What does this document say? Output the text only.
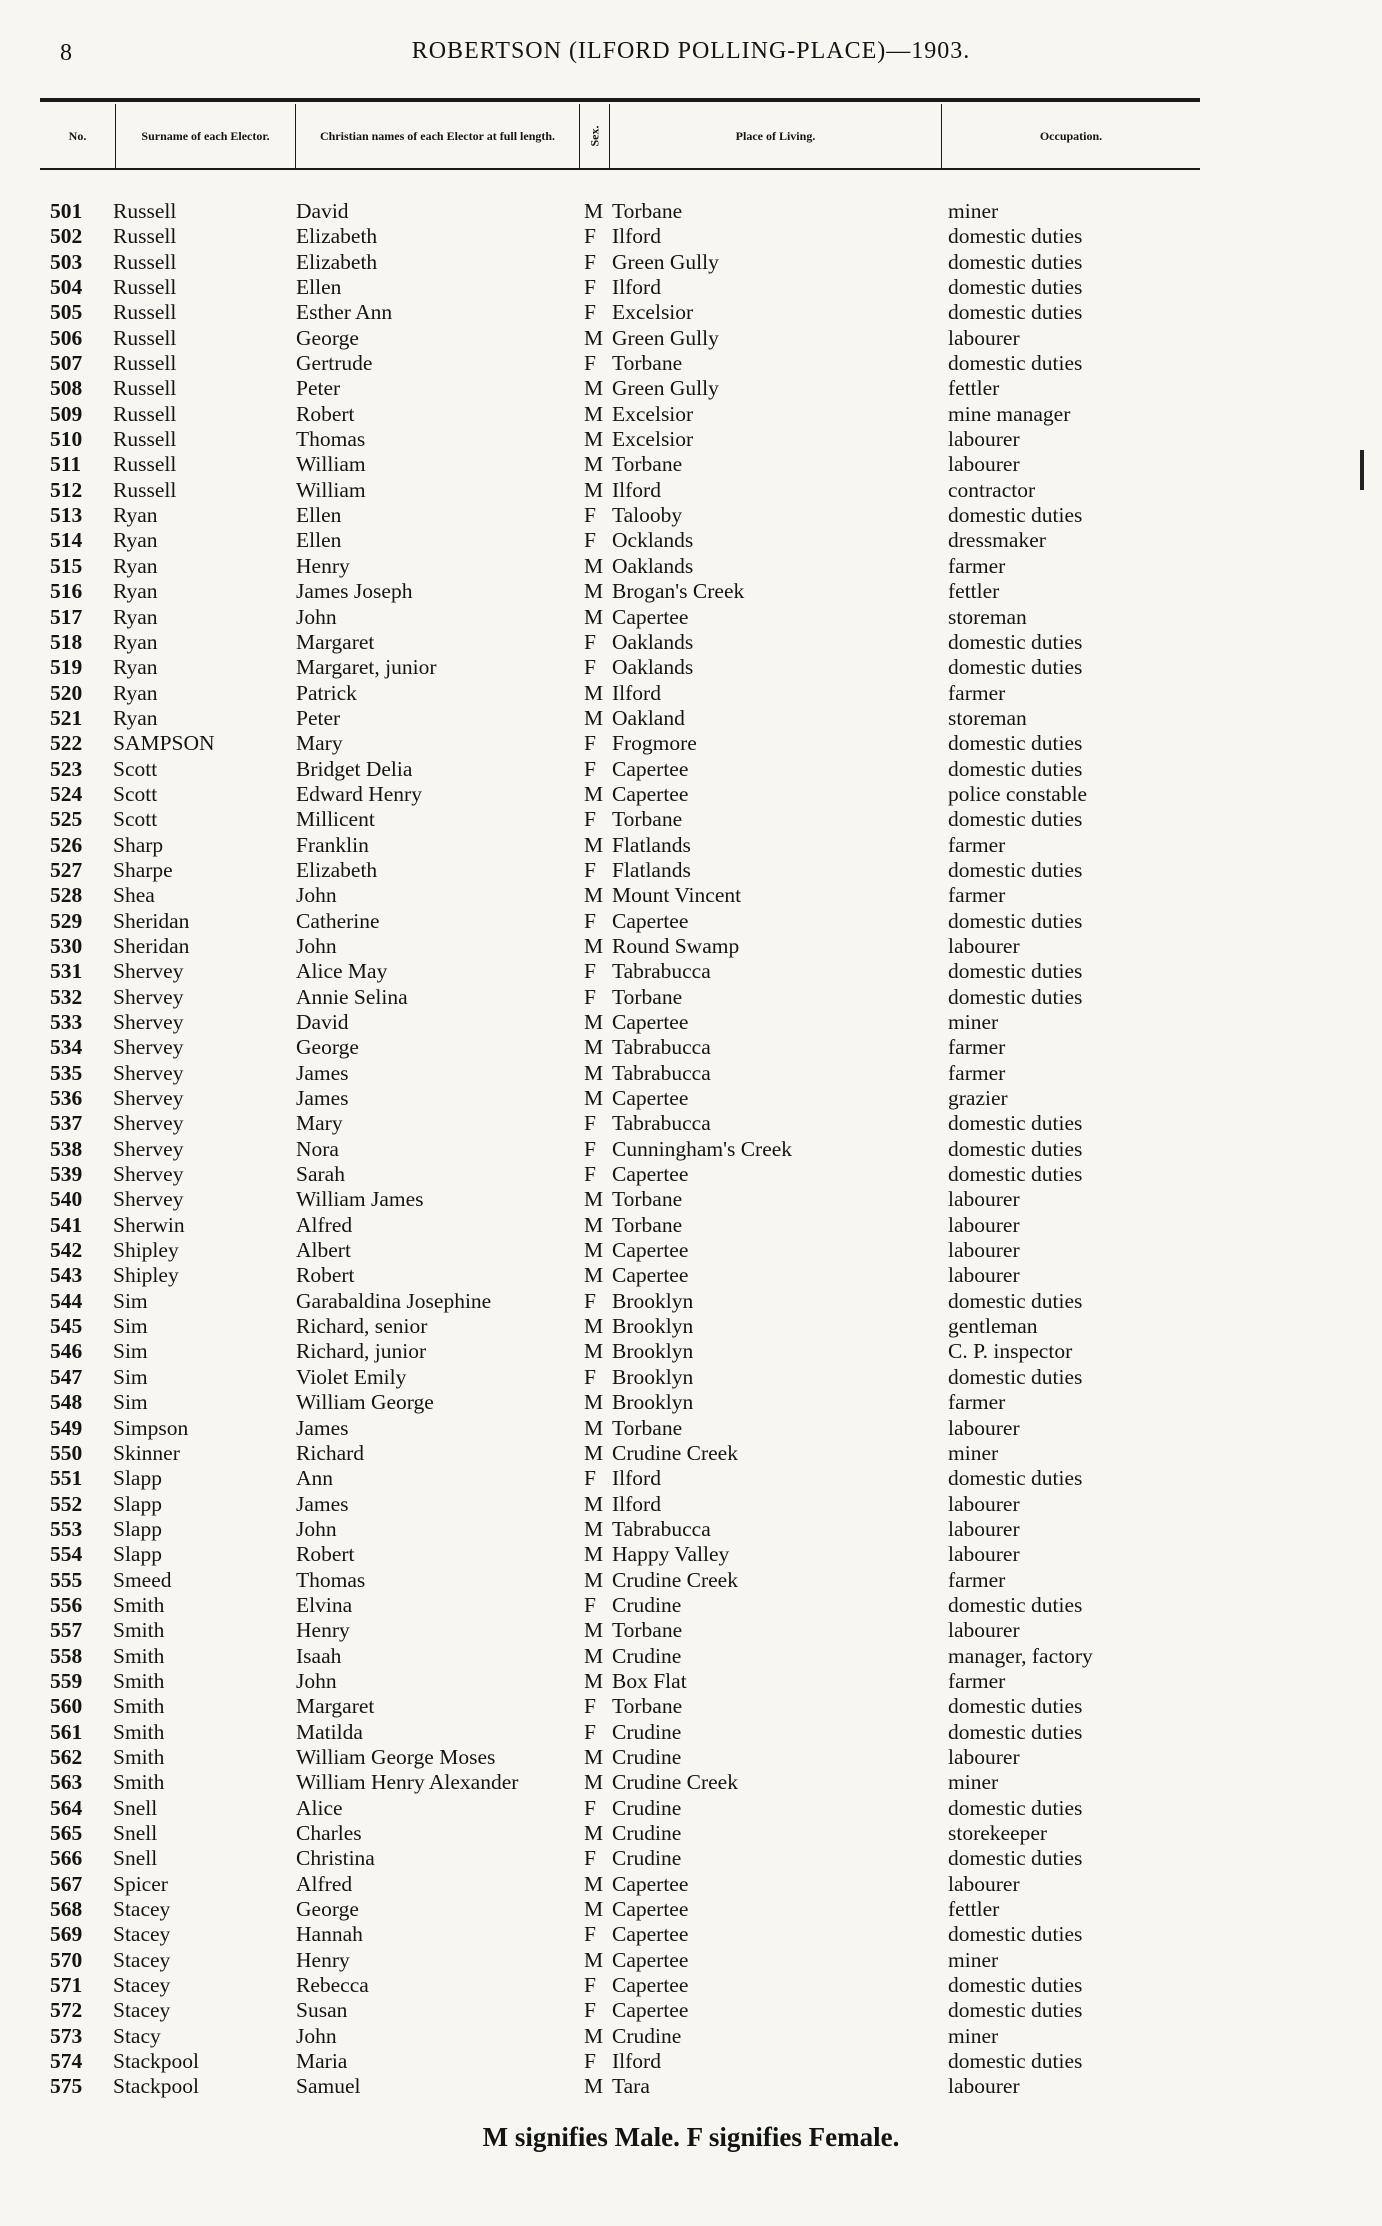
8	ROBERTSON (ILFORD POLLING-PLACE)—1903.
No.	Surname of each Elector.	Christian names of each Elector at full length.	Sex.	Place of Living.	Occupation.
501	Russell	David	M Torbane	miner
502	Russell	Elizabeth	F Ilford	domestic duties
503	Russell	Elizabeth	F Green Gully	domestic duties
504	Russell	Ellen	F Ilford	domestic duties
505	Russell	Esther Ann	F Excelsior	domestic duties
506	Russell	George	M Green Gully	labourer
507	Russell	Gertrude	F Torbane	domestic duties
508	Russell	Peter	M Green Gully	fettler
509	Russell	Robert	M Excelsior	mine manager
510	Russell	Thomas	M Excelsior	labourer
511	Russell	William	M Torbane	labourer
512	Russell	William	M Ilford	contractor
513	Ryan	Ellen	F Talooby	domestic duties
514	Ryan	Ellen	F Ocklands	dressmaker
515	Ryan	Henry	M Oaklands	farmer
516	Ryan	James Joseph	M Brogan's Creek	fettler
517	Ryan	John	M Capertee	storeman
518	Ryan	Margaret	F Oaklands	domestic duties
519	Ryan	Margaret, junior	F Oaklands	domestic duties
520	Ryan	Patrick	M Ilford	farmer
521	Ryan	Peter	M Oakland	storeman
522	SAMPSON	Mary	F Frogmore	domestic duties
523	Scott	Bridget Delia	F Capertee	domestic duties
524	Scott	Edward Henry	M Capertee	police constable
525	Scott	Millicent	F Torbane	domestic duties
526	Sharp	Franklin	M Flatlands	farmer
527	Sharpe	Elizabeth	F Flatlands	domestic duties
528	Shea	John	M Mount Vincent	farmer
529	Sheridan	Catherine	F Capertee	domestic duties
530	Sheridan	John	M Round Swamp	labourer
531	Shervey	Alice May	F Tabrabucca	domestic duties
532	Shervey	Annie Selina	F Torbane	domestic duties
533	Shervey	David	M Capertee	miner
534	Shervey	George	M Tabrabucca	farmer
535	Shervey	James	M Tabrabucca	farmer
536	Shervey	James	M Capertee	grazier
537	Shervey	Mary	F Tabrabucca	domestic duties
538	Shervey	Nora	F Cunningham's Creek	domestic duties
539	Shervey	Sarah	F Capertee	domestic duties
540	Shervey	William James	M Torbane	labourer
541	Sherwin	Alfred	M Torbane	labourer
542	Shipley	Albert	M Capertee	labourer
543	Shipley	Robert	M Capertee	labourer
544	Sim	Garabaldina Josephine	F Brooklyn	domestic duties
545	Sim	Richard, senior	M Brooklyn	gentleman
546	Sim	Richard, junior	M Brooklyn	C. P. inspector
547	Sim	Violet Emily	F Brooklyn	domestic duties
548	Sim	William George	M Brooklyn	farmer
549	Simpson	James	M Torbane	labourer
550	Skinner	Richard	M Crudine Creek	miner
551	Slapp	Ann	F Ilford	domestic duties
552	Slapp	James	M Ilford	labourer
553	Slapp	John	M Tabrabucca	labourer
554	Slapp	Robert	M Happy Valley	labourer
555	Smeed	Thomas	M Crudine Creek	farmer
556	Smith	Elvina	F Crudine	domestic duties
557	Smith	Henry	M Torbane	labourer
558	Smith	Isaah	M Crudine	manager, factory
559	Smith	John	M Box Flat	farmer
560	Smith	Margaret	F Torbane	domestic duties
561	Smith	Matilda	F Crudine	domestic duties
562	Smith	William George Moses	M Crudine	labourer
563	Smith	William Henry Alexander	M Crudine Creek	miner
564	Snell	Alice	F Crudine	domestic duties
565	Snell	Charles	M Crudine	storekeeper
566	Snell	Christina	F Crudine	domestic duties
567	Spicer	Alfred	M Capertee	labourer
568	Stacey	George	M Capertee	fettler
569	Stacey	Hannah	F Capertee	domestic duties
570	Stacey	Henry	M Capertee	miner
571	Stacey	Rebecca	F Capertee	domestic duties
572	Stacey	Susan	F Capertee	domestic duties
573	Stacy	John	M Crudine	miner
574	Stackpool	Maria	F Ilford	domestic duties
575	Stackpool	Samuel	M Tara	labourer
M signifies Male. F signifies Female.
